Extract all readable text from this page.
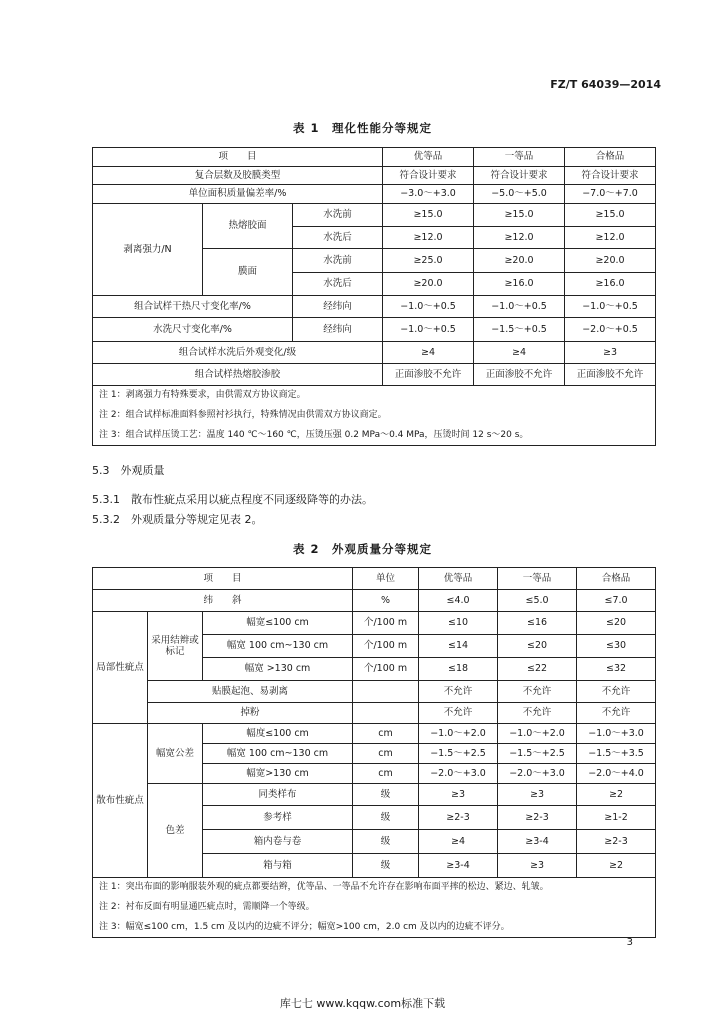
FZ/T 64039—2014
表 1　理化性能分等规定
项　　目			优等品	一等品	合格品
复合层数及胶膜类型			符合设计要求	符合设计要求	符合设计要求
单位面积质量偏差率/%			−3.0～+3.0	−5.0～+5.0	−7.0～+7.0
剥离强力/N	热熔胶面	水洗前	≥15.0	≥15.0	≥15.0
		水洗后	≥12.0	≥12.0	≥12.0
	膜面	水洗前	≥25.0	≥20.0	≥20.0
		水洗后	≥20.0	≥16.0	≥16.0
组合试样干热尺寸变化率/%		经纬向	−1.0～+0.5	−1.0～+0.5	−1.0～+0.5
水洗尺寸变化率/%		经纬向	−1.0～+0.5	−1.5～+0.5	−2.0～+0.5
组合试样水洗后外观变化/级			≥4	≥4	≥3
组合试样热熔胶渗胶			正面渗胶不允许	正面渗胶不允许	正面渗胶不允许
注 1：剥离强力有特殊要求，由供需双方协议商定。					
注 2：组合试样标准面料参照衬衫执行，特殊情况由供需双方协议商定。					
注 3：组合试样压烫工艺：温度 140 ℃～160 ℃，压烫压强 0.2 MPa～0.4 MPa，压烫时间 12 s～20 s。					
5.3　外观质量
5.3.1　散布性疵点采用以疵点程度不同逐级降等的办法。
5.3.2　外观质量分等规定见表 2。
表 2　外观质量分等规定
项　　目			单位	优等品	一等品	合格品
纬　　斜			%	≤4.0	≤5.0	≤7.0
局部性疵点	采用结辫或标记	幅宽≤100 cm	个/100 m	≤10	≤16	≤20
		幅宽 100 cm~130 cm	个/100 m	≤14	≤20	≤30
		幅宽 >130 cm	个/100 m	≤18	≤22	≤32
	贴膜起泡、易剥离			不允许	不允许	不允许
	掉粉			不允许	不允许	不允许
散布性疵点	幅宽公差	幅度≤100 cm	cm	−1.0～+2.0	−1.0～+2.0	−1.0～+3.0
		幅宽 100 cm~130 cm	cm	−1.5～+2.5	−1.5～+2.5	−1.5～+3.5
		幅宽>130 cm	cm	−2.0～+3.0	−2.0～+3.0	−2.0～+4.0
	色差	同类样布	级	≥3	≥3	≥2
		参考样	级	≥2-3	≥2-3	≥1-2
		箱内卷与卷	级	≥4	≥3-4	≥2-3
		箱与箱	级	≥3-4	≥3	≥2
注 1：突出布面的影响服装外观的疵点都要结辫，优等品、一等品不允许存在影响布面平摔的松边、紧边、轧皱。						
注 2：衬布反面有明显通匹疵点时，需顺降一个等级。						
注 3：幅宽≤100 cm，1.5 cm 及以内的边疵不评分；幅宽>100 cm，2.0 cm 及以内的边疵不评分。						
3
库七七 www.kqqw.com标准下载
